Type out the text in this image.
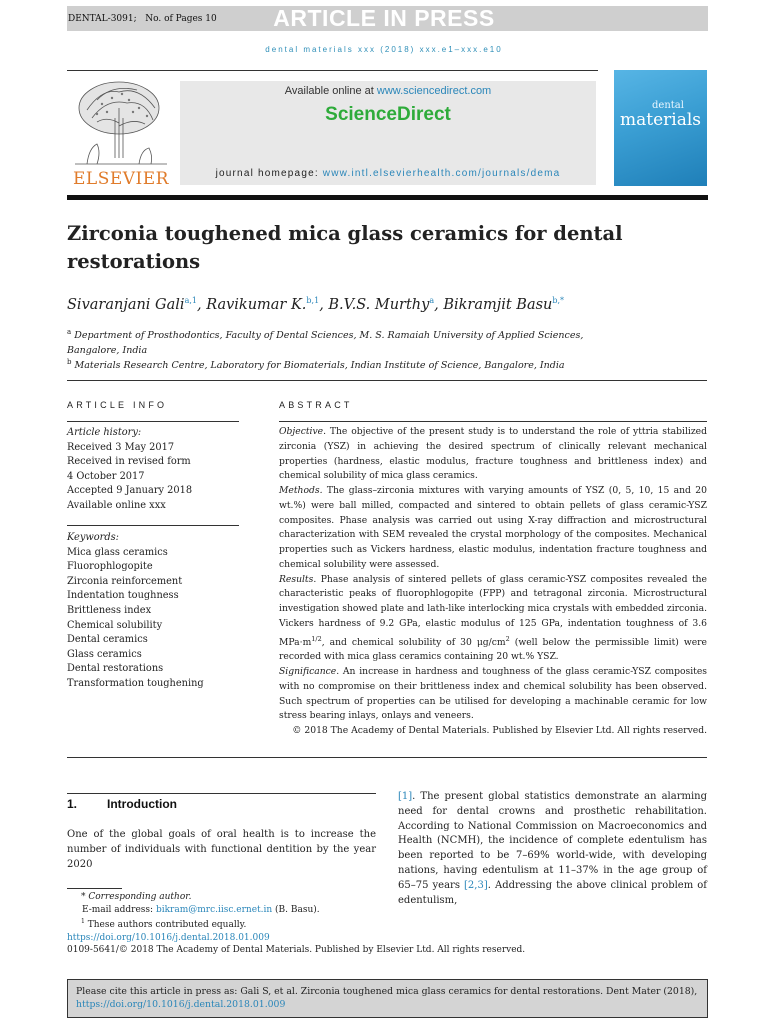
DENTAL-3091; No. of Pages 10	ARTICLE IN PRESS
dental materials xxx (2018) xxx.e1–xxx.e10
ELSEVIER
Available online at www.sciencedirect.com
ScienceDirect
journal homepage: www.intl.elsevierhealth.com/journals/dema
dental
materials
Zirconia toughened mica glass ceramics for dental restorations
Sivaranjani Gali$^{a,1}$, Ravikumar K.$^{b,1}$, B.V.S. Murthy$^a$, Bikramjit Basu$^{b,*}$
$^a$ Department of Prosthodontics, Faculty of Dental Sciences, M. S. Ramaiah University of Applied Sciences,
Bangalore, India
$^b$ Materials Research Centre, Laboratory for Biomaterials, Indian Institute of Science, Bangalore, India
ARTICLE INFO
Article history:
Received 3 May 2017
Received in revised form
4 October 2017
Accepted 9 January 2018
Available online xxx
Keywords:
Mica glass ceramics
Fluorophlogopite
Zirconia reinforcement
Indentation toughness
Brittleness index
Chemical solubility
Dental ceramics
Glass ceramics
Dental restorations
Transformation toughening
ABSTRACT

Objective. The objective of the present study is to understand the role of yttria stabilized zirconia (YSZ) in achieving the desired spectrum of clinically relevant mechanical properties (hardness, elastic modulus, fracture toughness and brittleness index) and chemical solubility of mica glass ceramics.

Methods. The glass–zirconia mixtures with varying amounts of YSZ (0, 5, 10, 15 and 20 wt.%) were ball milled, compacted and sintered to obtain pellets of glass ceramic-YSZ composites. Phase analysis was carried out using X-ray diffraction and microstructural characterization with SEM revealed the crystal morphology of the composites. Mechanical properties such as Vickers hardness, elastic modulus, indentation fracture toughness and chemical solubility were assessed.

Results. Phase analysis of sintered pellets of glass ceramic-YSZ composites revealed the characteristic peaks of fluorophlogopite (FPP) and tetragonal zirconia. Microstructural investigation showed plate and lath-like interlocking mica crystals with embedded zirconia. Vickers hardness of 9.2 GPa, elastic modulus of 125 GPa, indentation toughness of 3.6 $MPa\cdot m^{1/2}$, and chemical solubility of 30 $\mu g/cm^2$ (well below the permissible limit) were recorded with mica glass ceramics containing 20 wt.% YSZ.

Significance. An increase in hardness and toughness of the glass ceramic-YSZ composites with no compromise on their brittleness index and chemical solubility has been observed. Such spectrum of properties can be utilised for developing a machinable ceramic for low stress bearing inlays, onlays and veneers.

© 2018 The Academy of Dental Materials. Published by Elsevier Ltd. All rights reserved.

1. Introduction

One of the global goals of oral health is to increase the number of individuals with functional dentition by the year 2020

[1]. The present global statistics demonstrate an alarming need for dental crowns and prosthetic rehabilitation. According to National Commission on Macroeconomics and Health (NCMH), the incidence of complete edentulism has been reported to be 7–69% world-wide, with developing nations, having edentulism at 11–37% in the age group of 65–75 years [2,3]. Addressing the above clinical problem of edentulism,

* Corresponding author.
E-mail address: bikram@mrc.iisc.ernet.in (B. Basu).
$^1$ These authors contributed equally.
https://doi.org/10.1016/j.dental.2018.01.009
0109-5641/© 2018 The Academy of Dental Materials. Published by Elsevier Ltd. All rights reserved.
Please cite this article in press as: Gali S, et al. Zirconia toughened mica glass ceramics for dental restorations. Dent Mater (2018),
https://doi.org/10.1016/j.dental.2018.01.009
